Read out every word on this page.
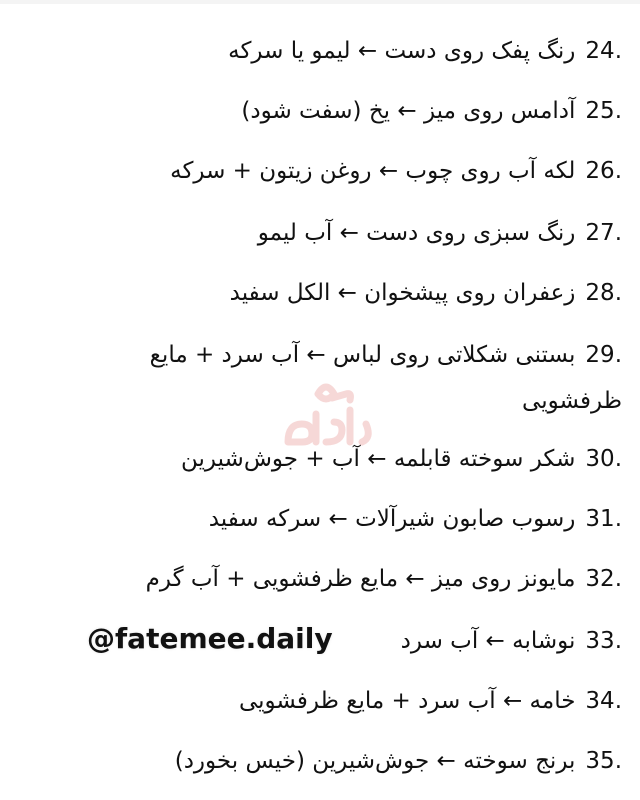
24.رنگ پفک روی دست ← لیمو یا سرکه
25.آدامس روی میز ← یخ (سفت شود)
26.لکه آب روی چوب ← روغن زیتون + سرکه
27.رنگ سبزی روی دست ← آب لیمو
28.زعفران روی پیشخوان ← الکل سفید
29.بستنی شکلاتی روی لباس ← آب سرد + مایع ظرفشویی
30.شکر سوخته قابلمه ← آب + جوش‌شیرین
31.رسوب صابون شیرآلات ← سرکه سفید
32.مایونز روی میز ← مایع ظرفشویی + آب گرم
33.نوشابه ← آب سرد
34.خامه ← آب سرد + مایع ظرفشویی
35.برنج سوخته ← جوش‌شیرین (خیس بخورد)
@fatemee.daily
